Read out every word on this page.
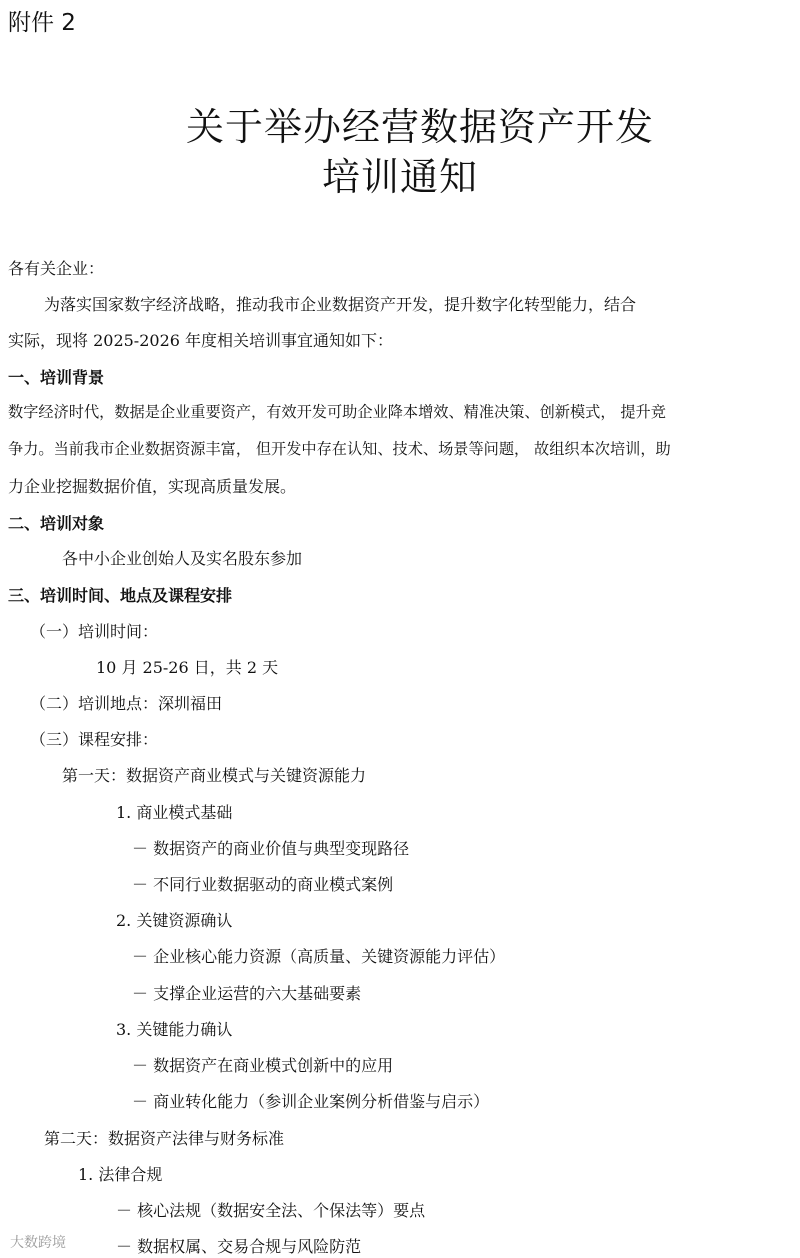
附件 2
关于举办经营数据资产开发
培训通知
各有关企业：
为落实国家数字经济战略，推动我市企业数据资产开发，提升数字化转型能力，结合
实际，现将 2025-2026 年度相关培训事宜通知如下：
一、培训背景
数字经济时代，数据是企业重要资产，有效开发可助企业降本增效、精准决策、创新模式， 提升竞
争力。当前我市企业数据资源丰富， 但开发中存在认知、技术、场景等问题， 故组织本次培训，助
力企业挖掘数据价值，实现高质量发展。
二、培训对象
各中小企业创始人及实名股东参加
三、培训时间、地点及课程安排
（一）培训时间：
10 月 25-26 日，共 2 天
（二）培训地点：深圳福田
（三）课程安排：
第一天：数据资产商业模式与关键资源能力
1. 商业模式基础
－ 数据资产的商业价值与典型变现路径
－ 不同行业数据驱动的商业模式案例
2. 关键资源确认
－ 企业核心能力资源（高质量、关键资源能力评估）
－ 支撑企业运营的六大基础要素
3. 关键能力确认
－ 数据资产在商业模式创新中的应用
－ 商业转化能力（参训企业案例分析借鉴与启示）
第二天：数据资产法律与财务标准
1. 法律合规
－ 核心法规（数据安全法、个保法等）要点
－ 数据权属、交易合规与风险防范
大数跨境
